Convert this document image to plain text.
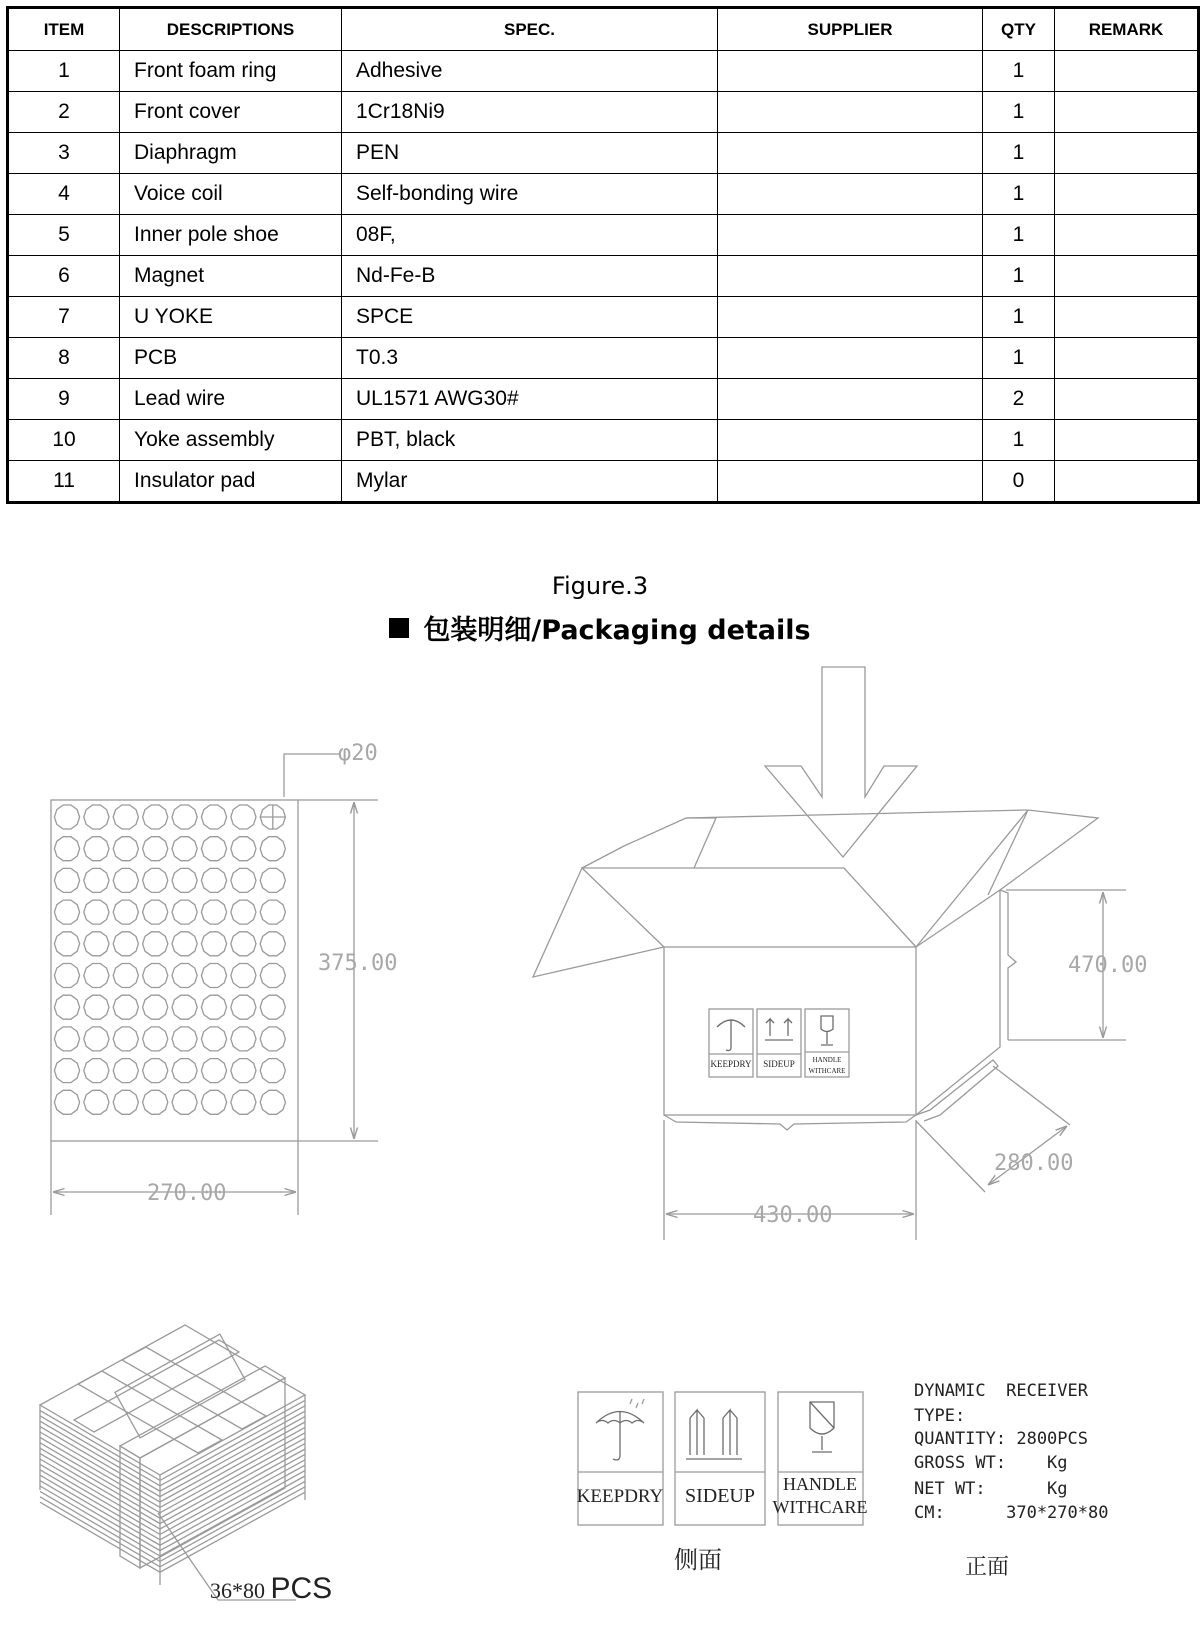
ITEM	DESCRIPTIONS	SPEC.	SUPPLIER	QTY	REMARK
1	Front foam ring	Adhesive		1	
2	Front cover	1Cr18Ni9		1	
3	Diaphragm	PEN		1	
4	Voice coil	Self-bonding wire		1	
5	Inner pole shoe	08F,		1	
6	Magnet	Nd-Fe-B		1	
7	U YOKE	SPCE		1	
8	PCB	T0.3		1	
9	Lead wire	UL1571 AWG30#		2	
10	Yoke assembly	PBT, black		1	
11	Insulator pad	Mylar		0	
Figure.3
包装明细/Packaging details
φ20
375.00
270.00
KEEPDRY SIDEUP	HANDLE
WITHCARE
470.00
280.00
430.00
36*80 PCS
KEEPDRY SIDEUP
HANDLE
WITHCARE
侧面
DYNAMIC  RECEIVER
TYPE:
QUANTITY: 2800PCS
GROSS WT:    Kg
NET WT:      Kg
CM:      370*270*80
正面
